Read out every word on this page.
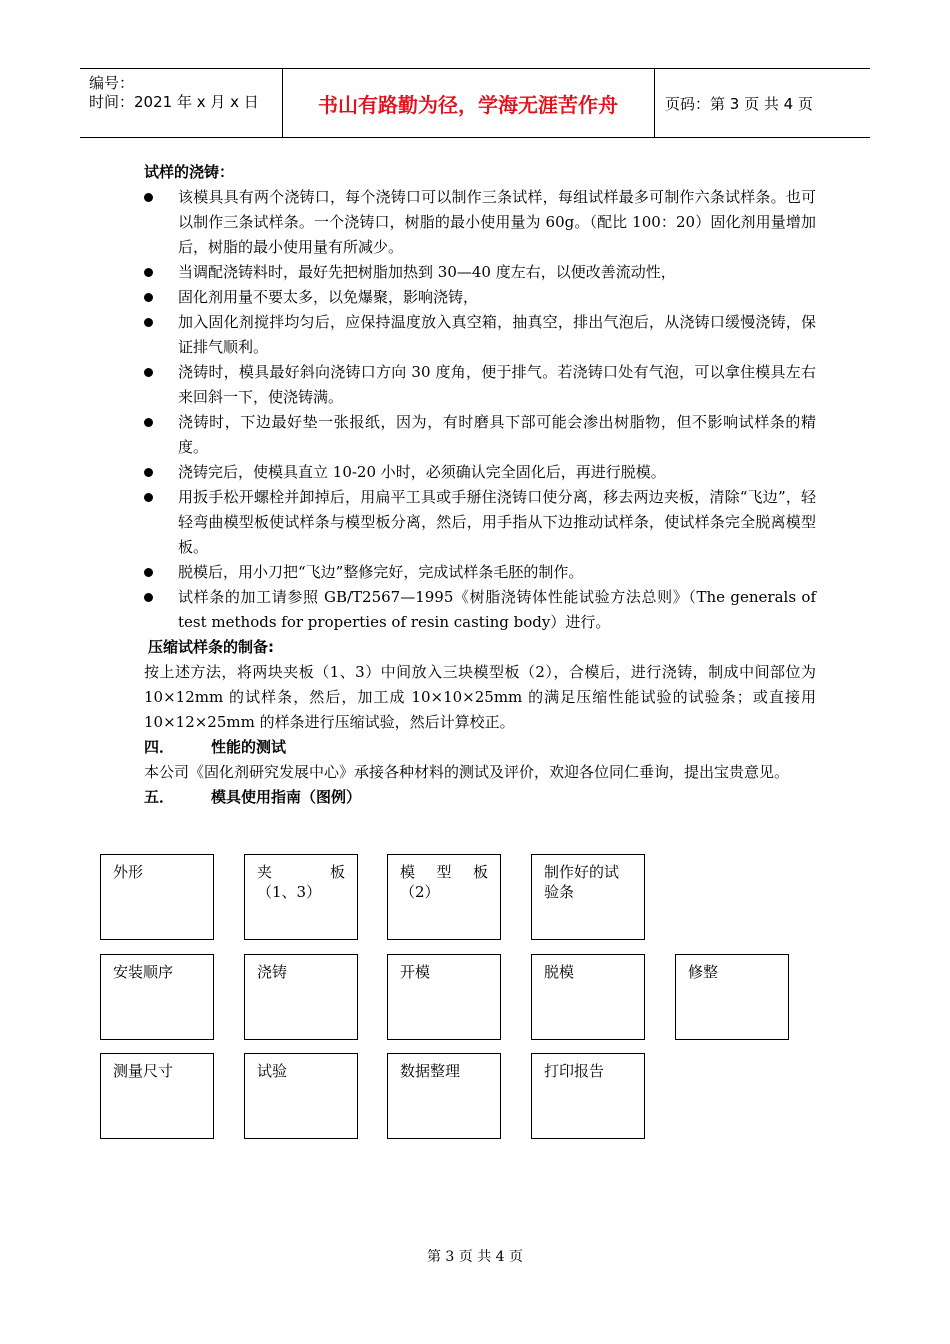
编号：
时间：2021 年 x 月 x 日	书山有路勤为径，学海无涯苦作舟	页码：第 3 页 共 4 页
试样的浇铸：
该模具具有两个浇铸口，每个浇铸口可以制作三条试样，每组试样最多可制作六条试样条。也可以制作三条试样条。一个浇铸口，树脂的最小使用量为 60g。（配比 100：20）固化剂用量增加后，树脂的最小使用量有所减少。
当调配浇铸料时，最好先把树脂加热到 30—40 度左右，以便改善流动性，
固化剂用量不要太多，以免爆聚，影响浇铸，
加入固化剂搅拌均匀后，应保持温度放入真空箱，抽真空，排出气泡后，从浇铸口缓慢浇铸，保证排气顺利。
浇铸时，模具最好斜向浇铸口方向 30 度角，便于排气。若浇铸口处有气泡，可以拿住模具左右来回斜一下，使浇铸满。
浇铸时，下边最好垫一张报纸，因为，有时磨具下部可能会渗出树脂物，但不影响试样条的精度。
浇铸完后，使模具直立 10-20 小时，必须确认完全固化后，再进行脱模。
用扳手松开螺栓并卸掉后，用扁平工具或手掰住浇铸口使分离，移去两边夹板，清除“飞边”，轻轻弯曲模型板使试样条与模型板分离，然后，用手指从下边推动试样条，使试样条完全脱离模型板。
脱模后，用小刀把“飞边”整修完好，完成试样条毛胚的制作。
试样条的加工请参照 GB/T2567—1995《树脂浇铸体性能试验方法总则》（The generals of test methods for properties of resin casting body）进行。
压缩试样条的制备:
按上述方法，将两块夹板（1、3）中间放入三块模型板（2），合模后，进行浇铸，制成中间部位为 10×12mm 的试样条，然后，加工成 10×10×25mm 的满足压缩性能试验的试验条；或直接用 10×12×25mm 的样条进行压缩试验，然后计算校正。
四． 性能的测试
本公司《固化剂研究发展中心》承接各种材料的测试及评价，欢迎各位同仁垂询，提出宝贵意见。
五． 模具使用指南（图例）
外形	夹板
（1、3）
模型板
（2）
制作好的试验条
安装顺序	浇铸	开模	脱模	修整
测量尺寸	试验	数据整理	打印报告
第 3 页 共 4 页
